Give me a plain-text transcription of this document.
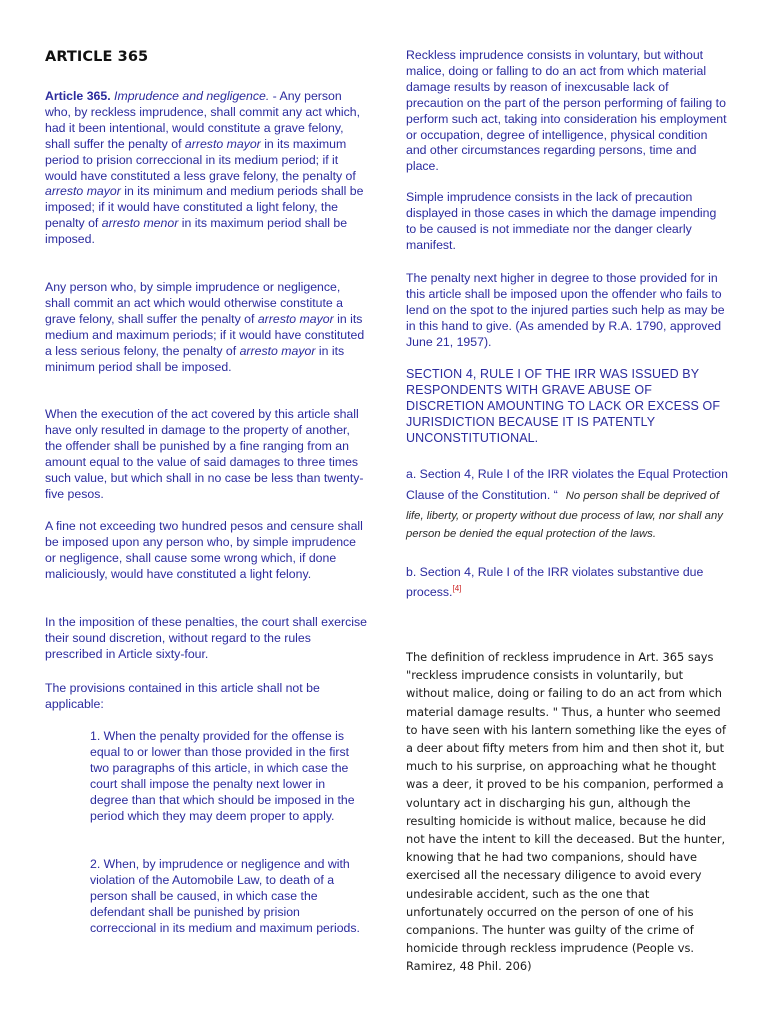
ARTICLE 365

Article 365. Imprudence and negligence. - Any person who, by reckless imprudence, shall commit any act which, had it been intentional, would constitute a grave felony, shall suffer the penalty of arresto mayor in its maximum period to prision correccional in its medium period; if it would have constituted a less grave felony, the penalty of arresto mayor in its minimum and medium periods shall be imposed; if it would have constituted a light felony, the penalty of arresto menor in its maximum period shall be imposed.

Any person who, by simple imprudence or negligence, shall commit an act which would otherwise constitute a grave felony, shall suffer the penalty of arresto mayor in its medium and maximum periods; if it would have constituted a less serious felony, the penalty of arresto mayor in its minimum period shall be imposed.

When the execution of the act covered by this article shall have only resulted in damage to the property of another, the offender shall be punished by a fine ranging from an amount equal to the value of said damages to three times such value, but which shall in no case be less than twenty-five pesos.

A fine not exceeding two hundred pesos and censure shall be imposed upon any person who, by simple imprudence or negligence, shall cause some wrong which, if done maliciously, would have constituted a light felony.

In the imposition of these penalties, the court shall exercise their sound discretion, without regard to the rules prescribed in Article sixty-four.

The provisions contained in this article shall not be applicable:

1. When the penalty provided for the offense is equal to or lower than those provided in the first two paragraphs of this article, in which case the court shall impose the penalty next lower in degree than that which should be imposed in the period which they may deem proper to apply.

2. When, by imprudence or negligence and with violation of the Automobile Law, to death of a person shall be caused, in which case the defendant shall be punished by prision correccional in its medium and maximum periods.

Reckless imprudence consists in voluntary, but without malice, doing or falling to do an act from which material damage results by reason of inexcusable lack of precaution on the part of the person performing of failing to perform such act, taking into consideration his employment or occupation, degree of intelligence, physical condition and other circumstances regarding persons, time and place.

Simple imprudence consists in the lack of precaution displayed in those cases in which the damage impending to be caused is not immediate nor the danger clearly manifest.

The penalty next higher in degree to those provided for in this article shall be imposed upon the offender who fails to lend on the spot to the injured parties such help as may be in this hand to give. (As amended by R.A. 1790, approved June 21, 1957).

SECTION 4, RULE I OF THE IRR WAS ISSUED BY RESPONDENTS WITH GRAVE ABUSE OF DISCRETION AMOUNTING TO LACK OR EXCESS OF JURISDICTION BECAUSE IT IS PATENTLY UNCONSTITUTIONAL.

a. Section 4, Rule I of the IRR violates the Equal Protection Clause of the Constitution. “ No person shall be deprived of life, liberty, or property without due process of law, nor shall any person be denied the equal protection of the laws.

b. Section 4, Rule I of the IRR violates substantive due process.[4]

The definition of reckless imprudence in Art. 365 says "reckless imprudence consists in voluntarily, but without malice, doing or failing to do an act from which material damage results. " Thus, a hunter who seemed to have seen with his lantern something like the eyes of a deer about fifty meters from him and then shot it, but much to his surprise, on approaching what he thought was a deer, it proved to be his companion, performed a voluntary act in discharging his gun, although the resulting homicide is without malice, because he did not have the intent to kill the deceased. But the hunter, knowing that he had two companions, should have exercised all the necessary diligence to avoid every undesirable accident, such as the one that unfortunately occurred on the person of one of his companions. The hunter was guilty of the crime of homicide through reckless imprudence (People vs. Ramirez, 48 Phil. 206)
